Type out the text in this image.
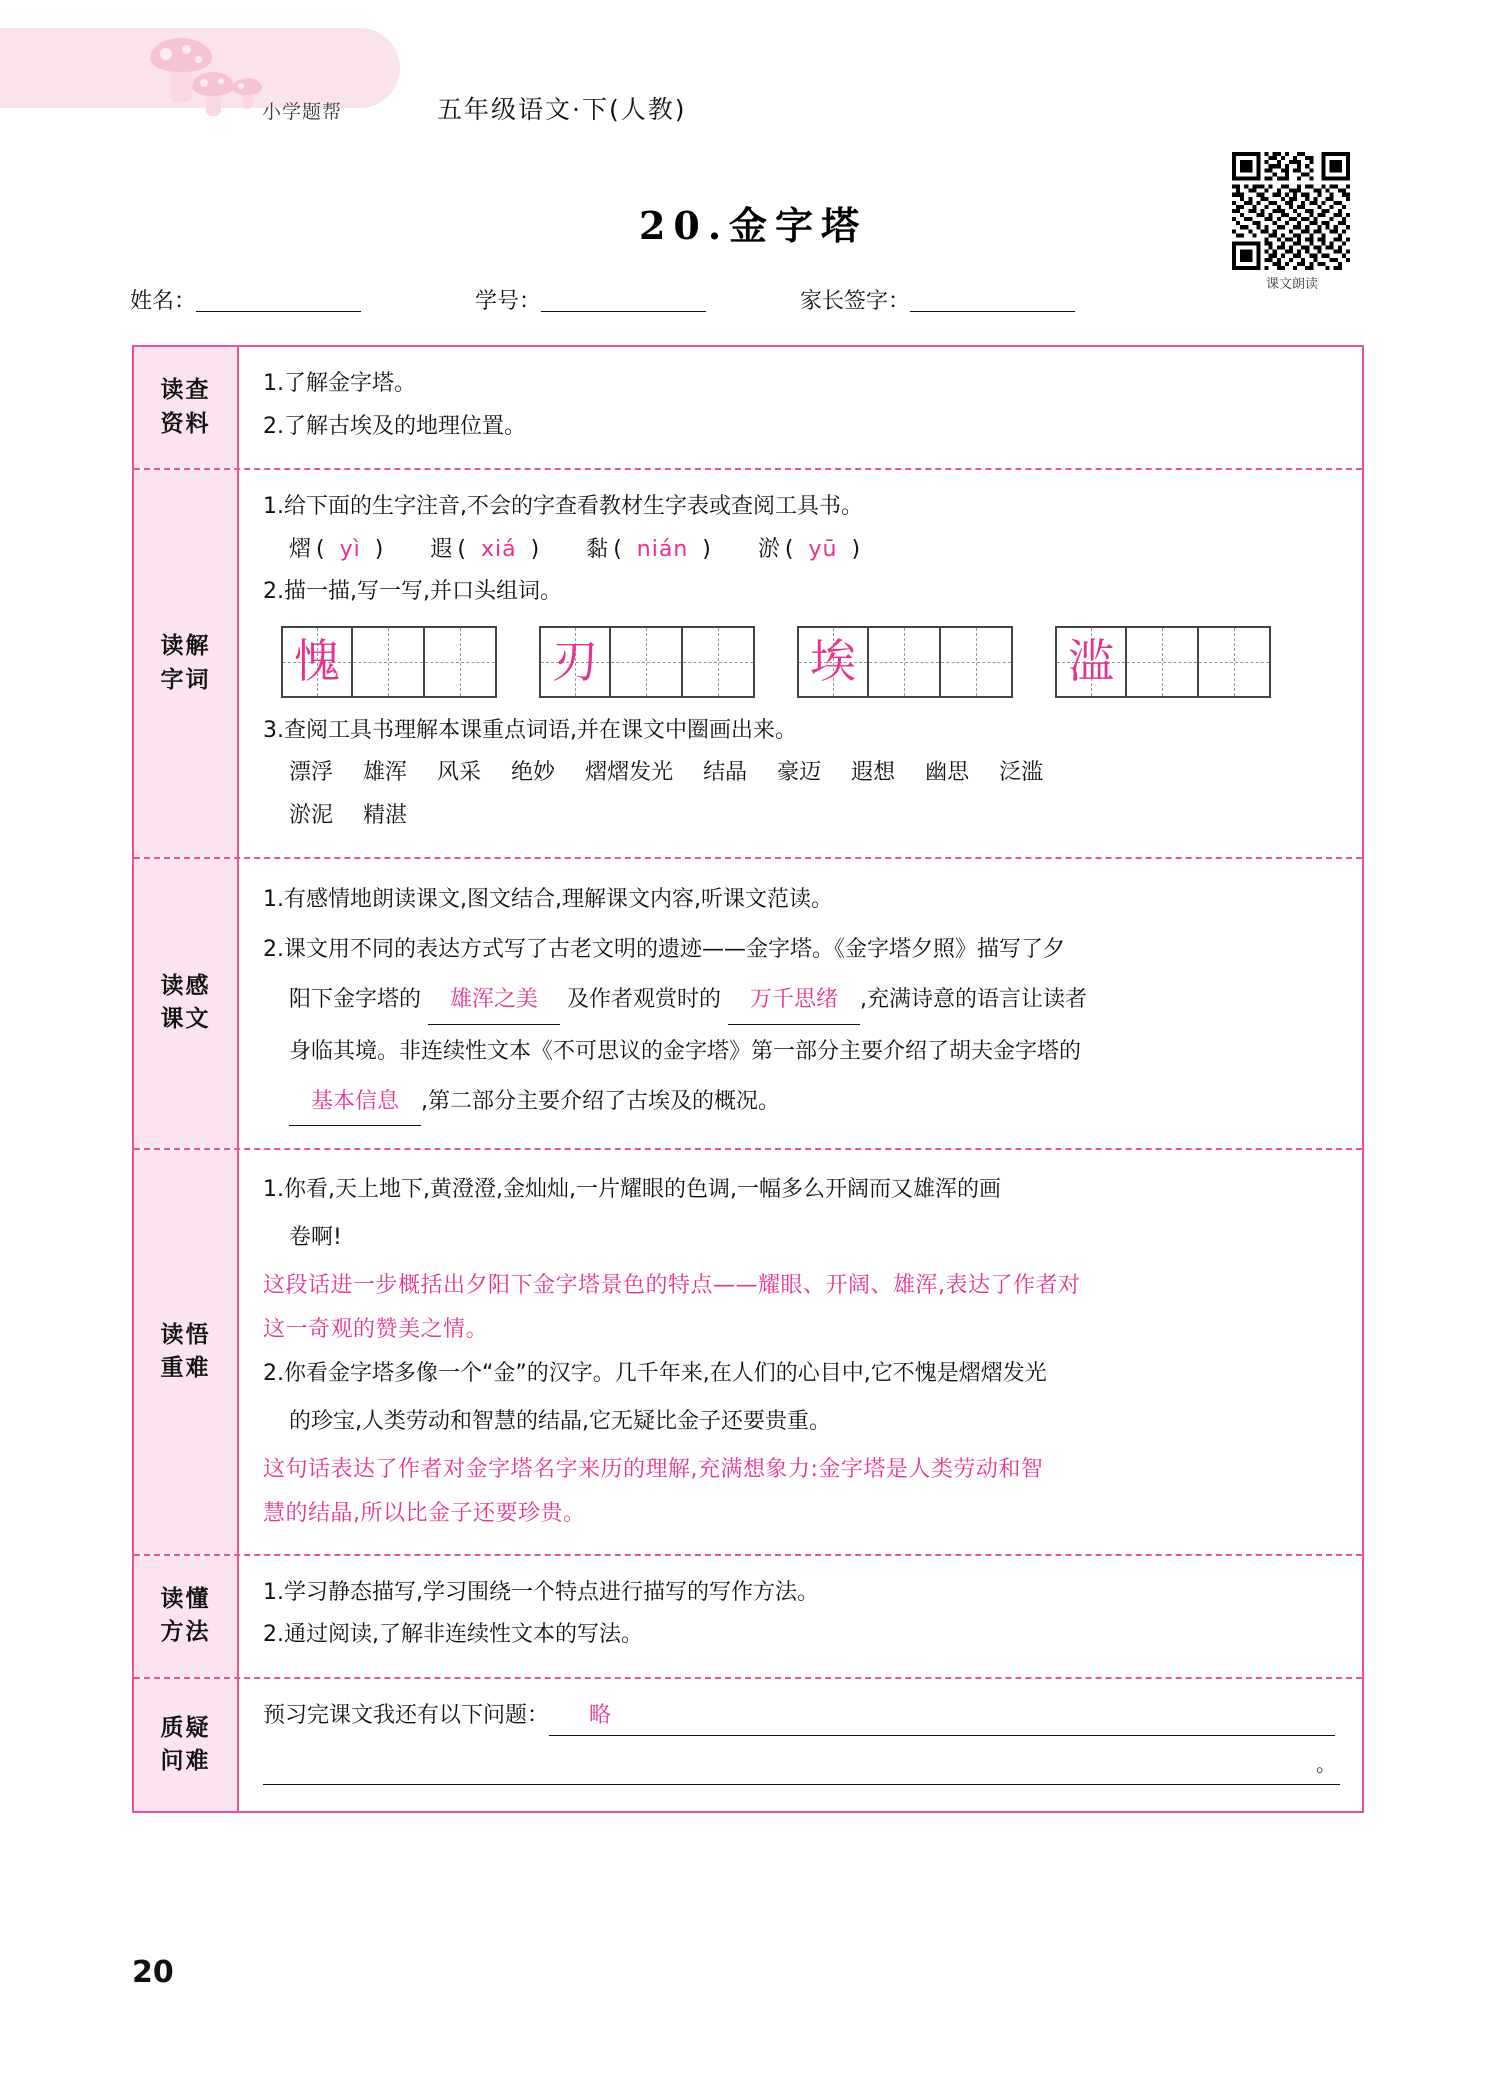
小学题帮	五年级语文·下(人教)
20.金字塔
课文朗读
姓名：	学号：	家长签字：
读查
资料

1.了解金字塔。

2.了解古埃及的地理位置。

读解
字词

1.给下面的生字注音,不会的字查看教材生字表或查阅工具书。

熠 ( yì ) 遐 ( xiá ) 黏 ( nián ) 淤 ( yū )

2.描一描,写一写,并口头组词。

愧	刃	埃	滥

3.查阅工具书理解本课重点词语,并在课文中圈画出来。

漂浮 雄浑 风采 绝妙 熠熠发光 结晶 豪迈 遐想 幽思 泛滥

淤泥 精湛

读感
课文

1.有感情地朗读课文,图文结合,理解课文内容,听课文范读。

2.课文用不同的表达方式写了古老文明的遗迹——金字塔。《金字塔夕照》描写了夕

阳下金字塔的 雄浑之美 及作者观赏时的 万千思绪 ,充满诗意的语言让读者

身临其境。非连续性文本《不可思议的金字塔》第一部分主要介绍了胡夫金字塔的

基本信息 ,第二部分主要介绍了古埃及的概况。

读悟
重难

1.你看,天上地下,黄澄澄,金灿灿,一片耀眼的色调,一幅多么开阔而又雄浑的画

卷啊!

这段话进一步概括出夕阳下金字塔景色的特点——耀眼、开阔、雄浑,表达了作者对

这一奇观的赞美之情。

2.你看金字塔多像一个“金”的汉字。几千年来,在人们的心目中,它不愧是熠熠发光

的珍宝,人类劳动和智慧的结晶,它无疑比金子还要贵重。

这句话表达了作者对金字塔名字来历的理解,充满想象力:金字塔是人类劳动和智

慧的结晶,所以比金子还要珍贵。

读懂
方法

1.学习静态描写,学习围绕一个特点进行描写的写作方法。

2.通过阅读,了解非连续性文本的写法。

质疑
问难

预习完课文我还有以下问题： 略

。
20
